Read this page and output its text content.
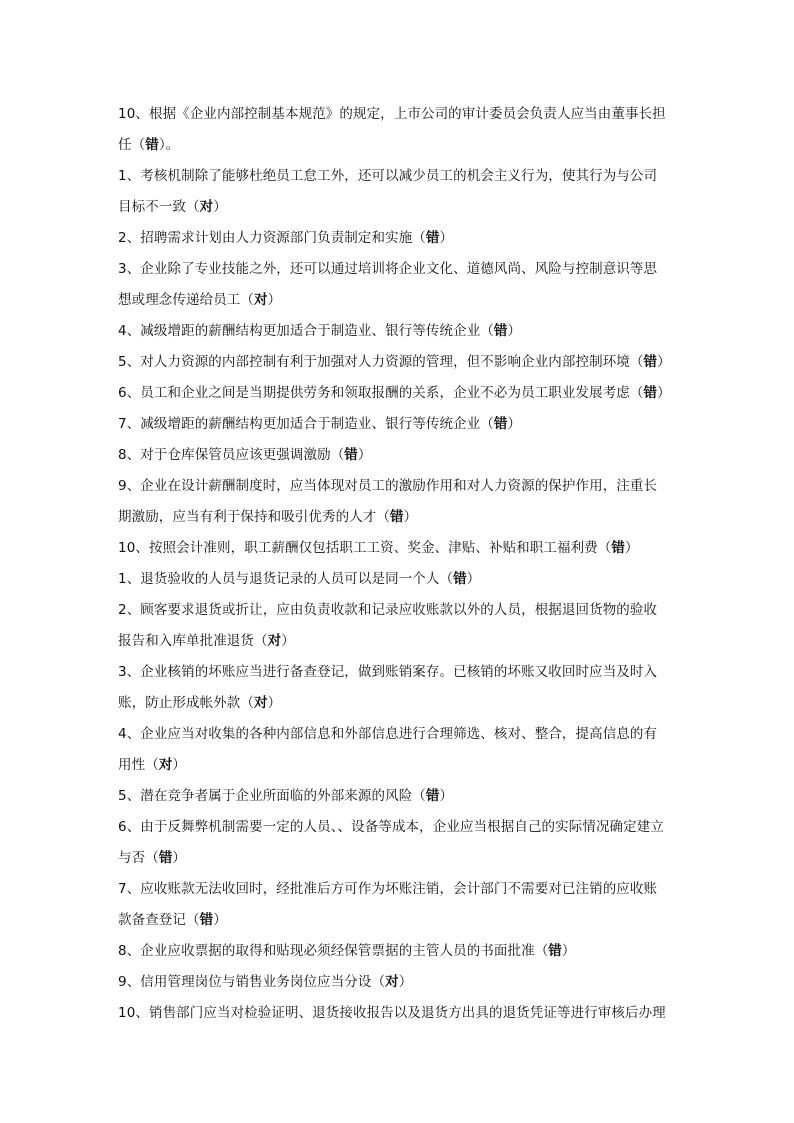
10、根据《企业内部控制基本规范》的规定，上市公司的审计委员会负责人应当由董事长担
任（错）。
1、考核机制除了能够杜绝员工怠工外，还可以减少员工的机会主义行为，使其行为与公司
目标不一致（对）
2、招聘需求计划由人力资源部门负责制定和实施（错）
3、企业除了专业技能之外，还可以通过培训将企业文化、道德风尚、风险与控制意识等思
想或理念传递给员工（对）
4、减级增距的薪酬结构更加适合于制造业、银行等传统企业（错）
5、对人力资源的内部控制有利于加强对人力资源的管理，但不影响企业内部控制环境（错）
6、员工和企业之间是当期提供劳务和领取报酬的关系，企业不必为员工职业发展考虑（错）
7、减级增距的薪酬结构更加适合于制造业、银行等传统企业（错）
8、对于仓库保管员应该更强调激励（错）
9、企业在设计薪酬制度时，应当体现对员工的激励作用和对人力资源的保护作用，注重长
期激励，应当有利于保持和吸引优秀的人才（错）
10、按照会计准则，职工薪酬仅包括职工工资、奖金、津贴、补贴和职工福利费（错）
1、退货验收的人员与退货记录的人员可以是同一个人（错）
2、顾客要求退货或折让，应由负责收款和记录应收账款以外的人员，根据退回货物的验收
报告和入库单批准退货（对）
3、企业核销的坏账应当进行备查登记，做到账销案存。已核销的坏账又收回时应当及时入
账，防止形成帐外款（对）
4、企业应当对收集的各种内部信息和外部信息进行合理筛选、核对、整合，提高信息的有
用性（对）
5、潜在竞争者属于企业所面临的外部来源的风险（错）
6、由于反舞弊机制需要一定的人员、、设备等成本，企业应当根据自己的实际情况确定建立
与否（错）
7、应收账款无法收回时，经批准后方可作为坏账注销，会计部门不需要对已注销的应收账
款备查登记（错）
8、企业应收票据的取得和贴现必须经保管票据的主管人员的书面批准（错）
9、信用管理岗位与销售业务岗位应当分设（对）
10、销售部门应当对检验证明、退货接收报告以及退货方出具的退货凭证等进行审核后办理
